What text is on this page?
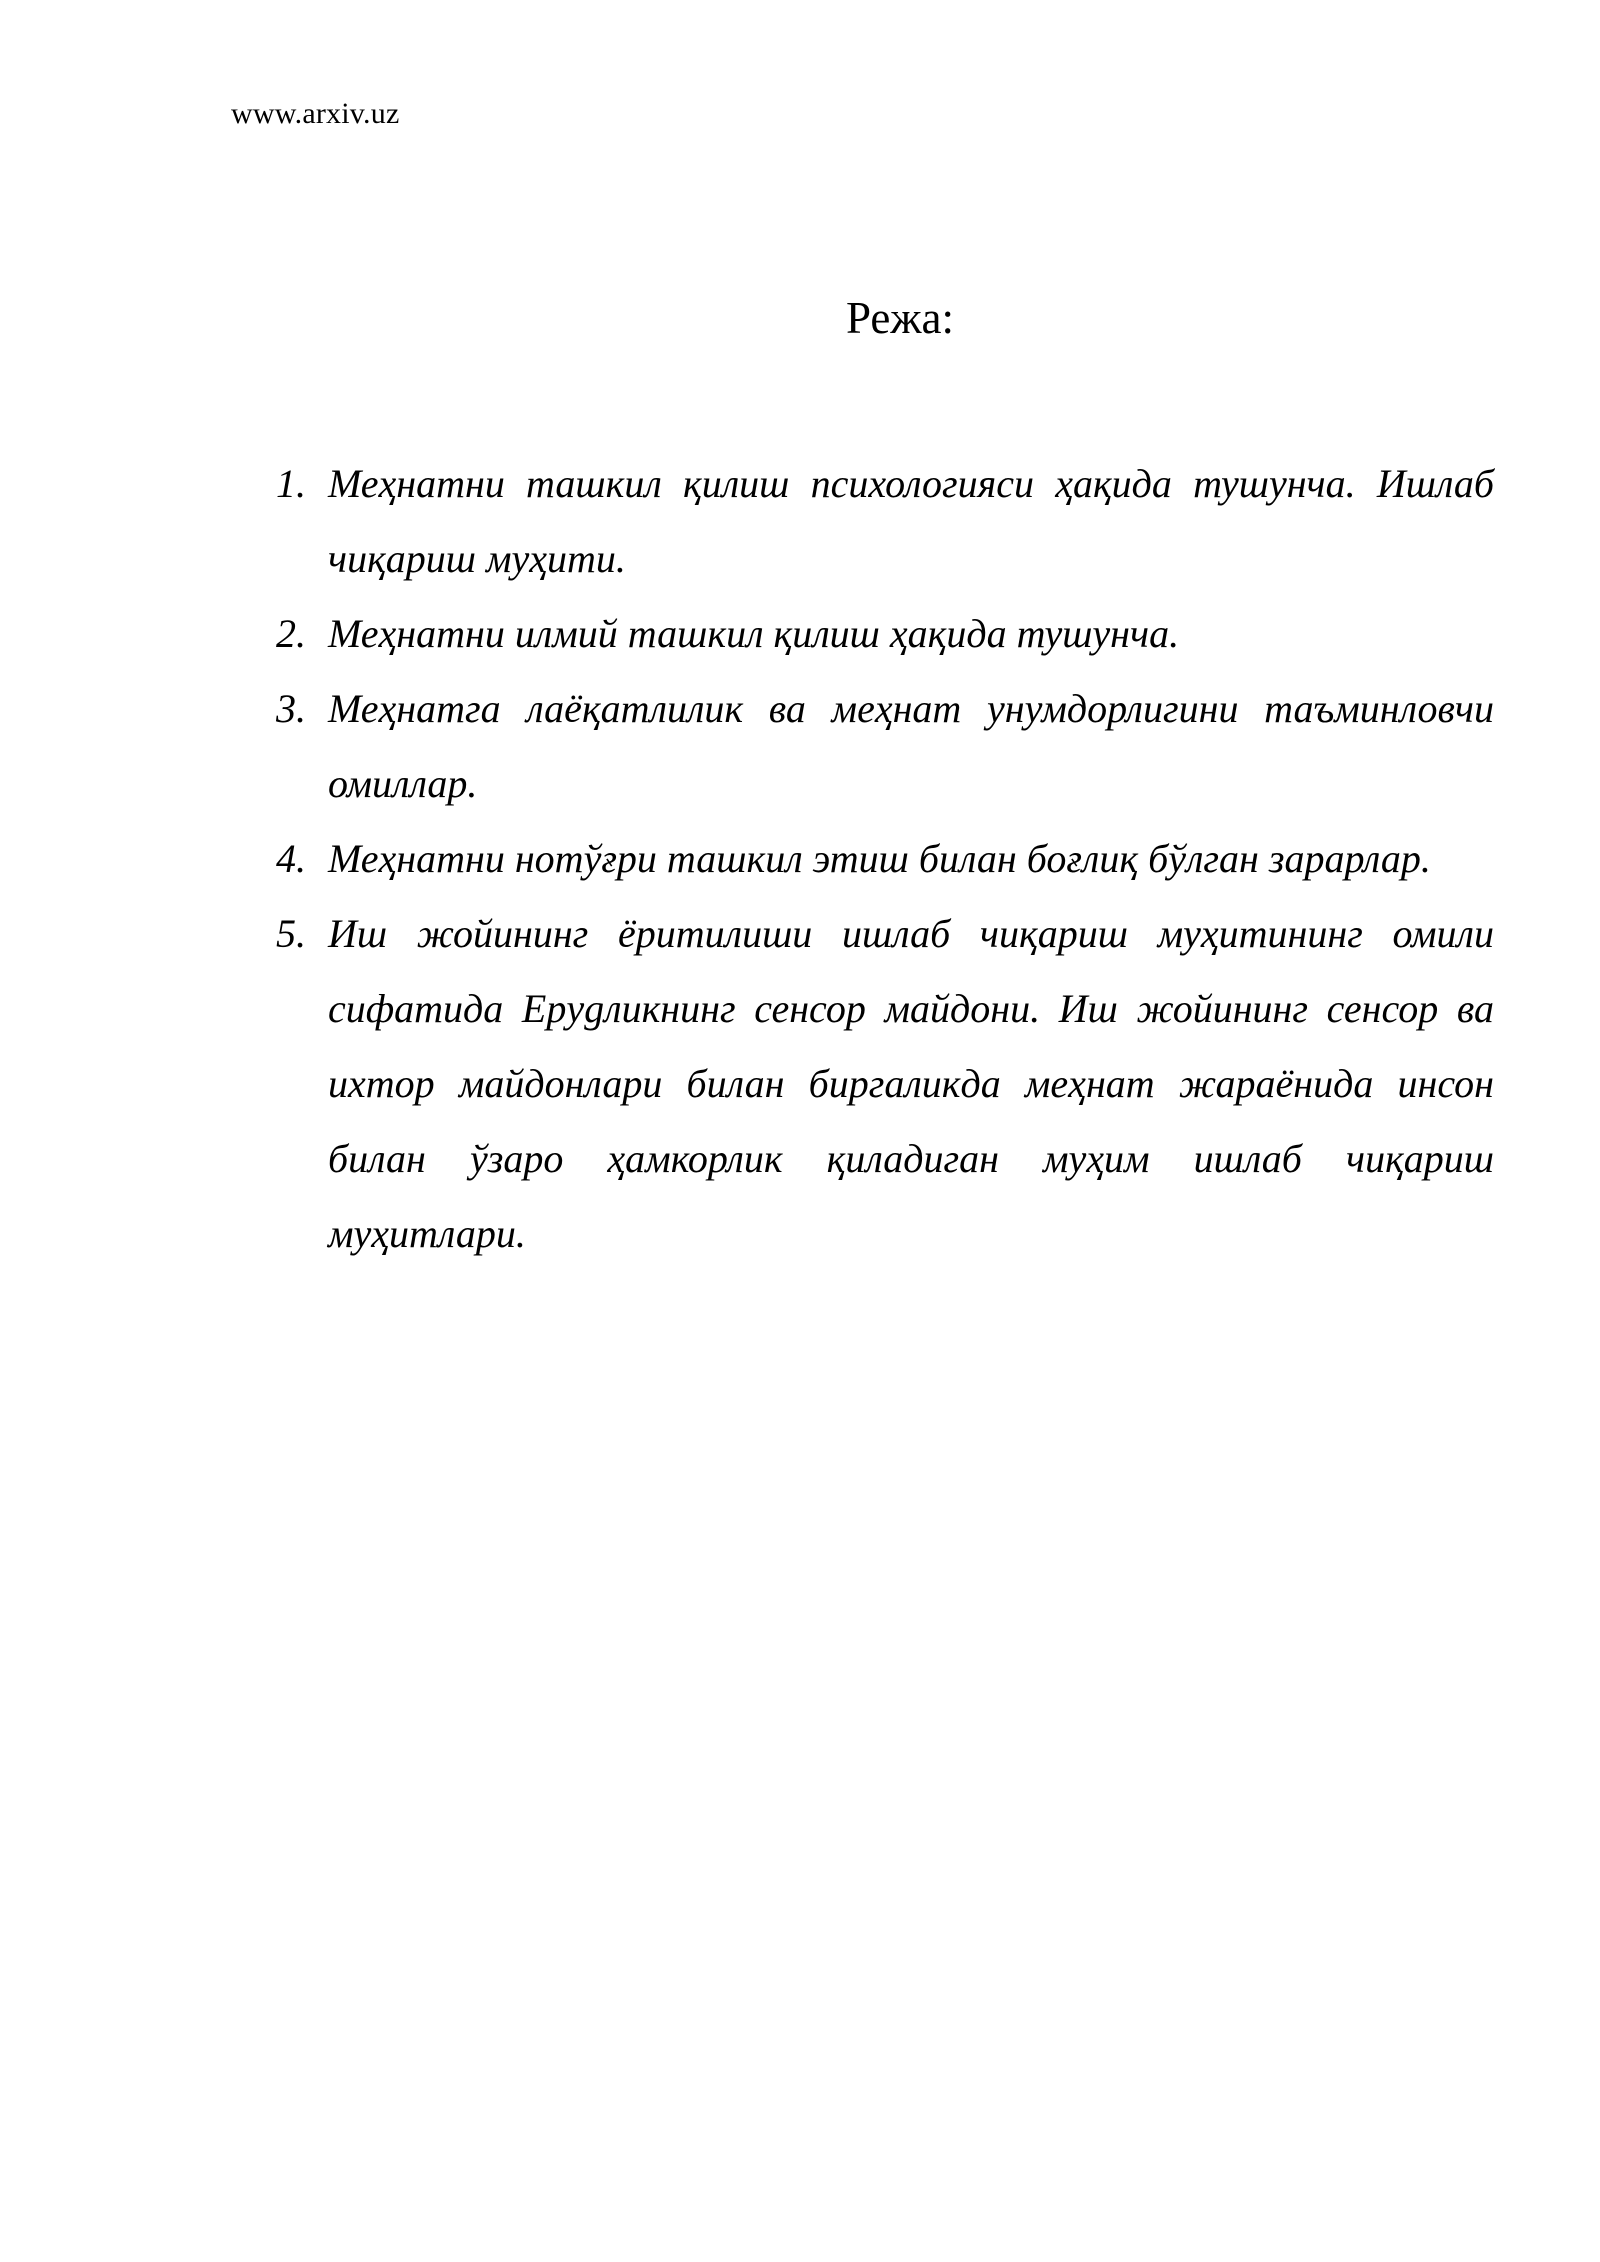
www.arxiv.uz
Режа:
1. Меҳнатни ташкил қилиш психологияси ҳақида тушунча. Ишлаб чиқариш муҳити.
2. Меҳнатни илмий ташкил қилиш ҳақида тушунча.
3. Меҳнатга лаёқатлилик ва меҳнат унумдорлигини таъминловчи омиллар.
4. Меҳнатни нотўғри ташкил этиш билан боғлиқ бўлган зарарлар.
5. Иш жойининг ёритилиши ишлаб чиқариш муҳитининг омили сифатида Ерygликнинг сенсор майдони. Иш жойининг сенсор ва ихтор майдонлари билан биргаликда меҳнат жараёнида инсон билан ўзаро ҳамкорлик қиладиган муҳим ишлаб чиқариш муҳитлари.
